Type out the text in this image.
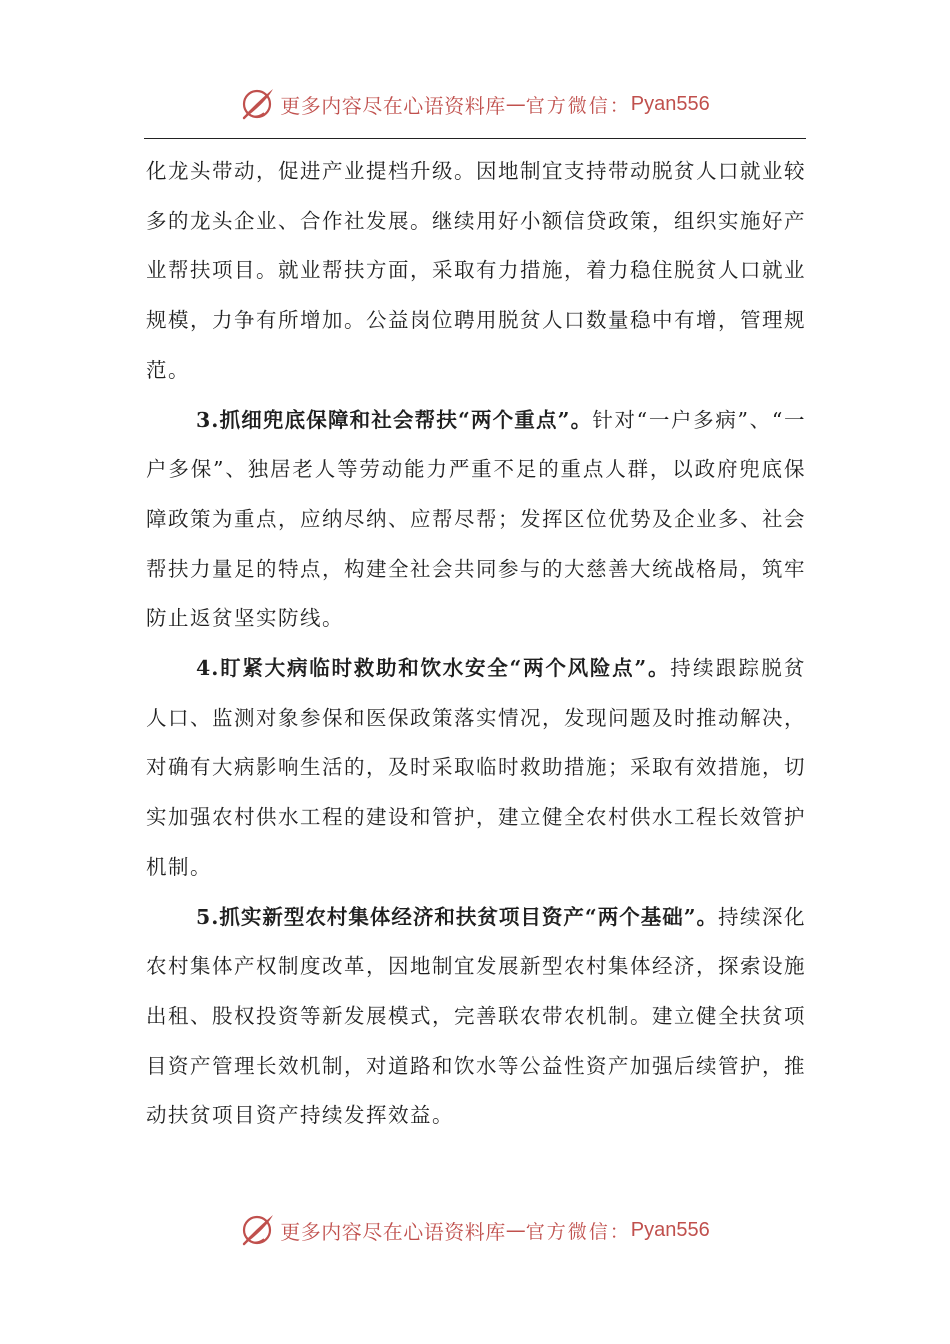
更多内容尽在心语资料库 — 官方微信： Pyan556

化龙头带动，促进产业提档升级。因地制宜支持带动脱贫人口就业较多的龙头企业、合作社发展。继续用好小额信贷政策，组织实施好产业帮扶项目。就业帮扶方面，采取有力措施，着力稳住脱贫人口就业规模，力争有所增加。公益岗位聘用脱贫人口数量稳中有增，管理规范。

3.抓细兜底保障和社会帮扶“两个重点”。针对“一户多病”、“一户多保”、独居老人等劳动能力严重不足的重点人群，以政府兜底保障政策为重点，应纳尽纳、应帮尽帮；发挥区位优势及企业多、社会帮扶力量足的特点，构建全社会共同参与的大慈善大统战格局，筑牢防止返贫坚实防线。

4.盯紧大病临时救助和饮水安全“两个风险点”。持续跟踪脱贫人口、监测对象参保和医保政策落实情况，发现问题及时推动解决，对确有大病影响生活的，及时采取临时救助措施；采取有效措施，切实加强农村供水工程的建设和管护，建立健全农村供水工程长效管护机制。

5.抓实新型农村集体经济和扶贫项目资产“两个基础”。持续深化农村集体产权制度改革，因地制宜发展新型农村集体经济，探索设施出租、股权投资等新发展模式，完善联农带农机制。建立健全扶贫项目资产管理长效机制，对道路和饮水等公益性资产加强后续管护，推动扶贫项目资产持续发挥效益。

更多内容尽在心语资料库 — 官方微信： Pyan556
